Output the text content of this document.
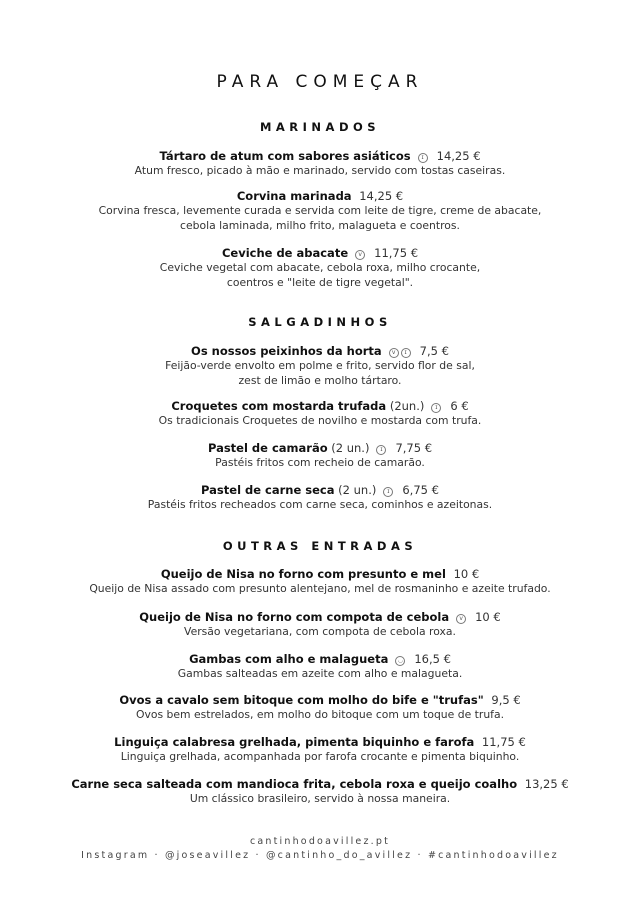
PARA COMEÇAR
MARINADOS
Tártaro de atum com sabores asiáticos ɪ 14,25 €
Atum fresco, picado à mão e marinado, servido com tostas caseiras.
Corvina marinada 14,25 €
Corvina fresca, levemente curada e servida com leite de tigre, creme de abacate,
cebola laminada, milho frito, malagueta e coentros.
Ceviche de abacate v 11,75 €
Ceviche vegetal com abacate, cebola roxa, milho crocante,
coentros e "leite de tigre vegetal".
SALGADINHOS
Os nossos peixinhos da horta v ɪ 7,5 €
Feijão-verde envolto em polme e frito, servido flor de sal,
zest de limão e molho tártaro.
Croquetes com mostarda trufada (2un.) ɪ 6 €
Os tradicionais Croquetes de novilho e mostarda com trufa.
Pastel de camarão (2 un.) ɪ 7,75 €
Pastéis fritos com recheio de camarão.
Pastel de carne seca (2 un.) ɪ 6,75 €
Pastéis fritos recheados com carne seca, cominhos e azeitonas.
OUTRAS ENTRADAS
Queijo de Nisa no forno com presunto e mel 10 €
Queijo de Nisa assado com presunto alentejano, mel de rosmaninho e azeite trufado.
Queijo de Nisa no forno com compota de cebola v 10 €
Versão vegetariana, com compota de cebola roxa.
Gambas com alho e malagueta ◡ 16,5 €
Gambas salteadas em azeite com alho e malagueta.
Ovos a cavalo sem bitoque com molho do bife e "trufas" 9,5 €
Ovos bem estrelados, em molho do bitoque com um toque de trufa.
Linguiça calabresa grelhada, pimenta biquinho e farofa 11,75 €
Linguiça grelhada, acompanhada por farofa crocante e pimenta biquinho.
Carne seca salteada com mandioca frita, cebola roxa e queijo coalho 13,25 €
Um clássico brasileiro, servido à nossa maneira.
cantinhodoavillez.pt
Instagram · @joseavillez · @cantinho_do_avillez · #cantinhodoavillez
